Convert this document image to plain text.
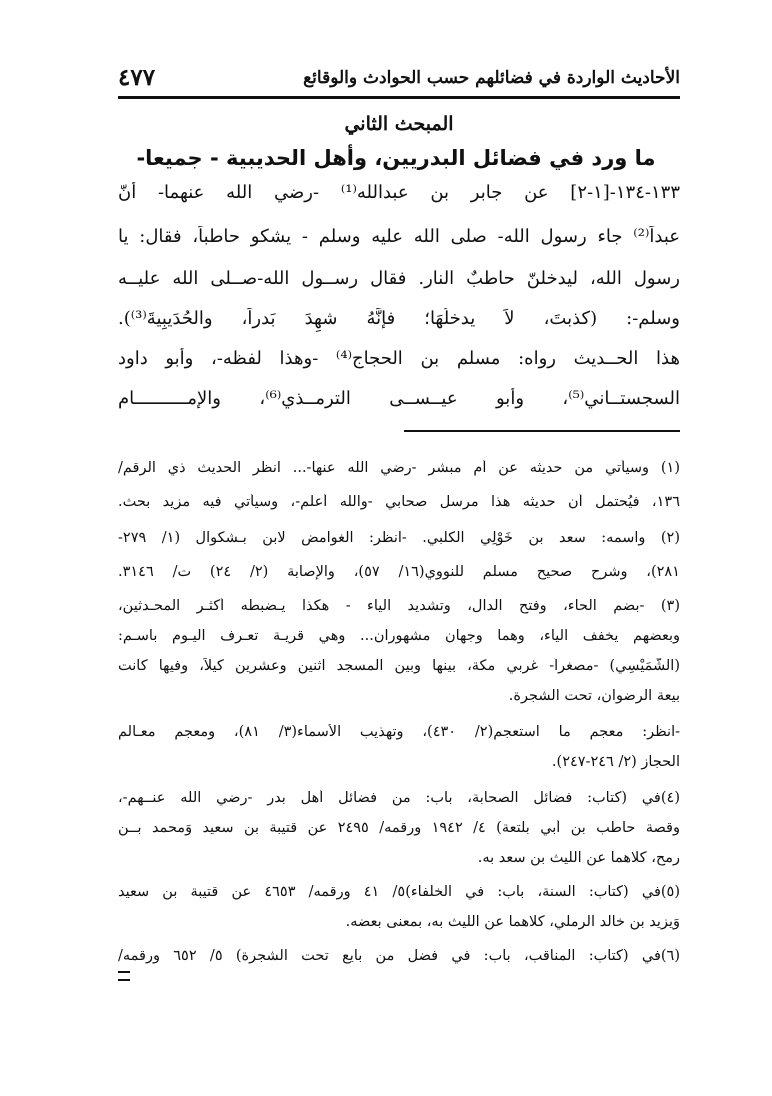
الأحاديث الواردة في فضائلهم حسب الحوادث والوقائع
٤٧٧
المبحث الثاني
ما ورد في فضائل البدريين، وأهل الحديبية - جميعا-
١٣٣-١٣٤-[١-٢] عن جابر بن عبدالله⁽¹⁾ -رضي الله عنهما- أنّ
عبداً⁽²⁾ جاء رسول الله- صلى الله عليه وسلم - يشكو حاطباً، فقال: يا
رسول الله، ليدخلنّ حاطبٌ النار. فقال رســول الله-صــلى الله عليــه
وسلم-: (كذبتَ، لاَ يدخلُهَا؛ فإنَّهُ شهِدَ بَدراً، والحُدَيبِيةَ⁽³⁾).
هذا الحــديث رواه: مسلم بن الحجاج⁽⁴⁾ -وهذا لفظه-، وأبو داود
السجستــاني⁽⁵⁾، وأبو عيــســى الترمــذي⁽⁶⁾، والإمــــــــــام
(١) وسيأتي من حديثه عن أم مبشر -رضي الله عنها-... انظر الحديث ذي الرقم/
١٣٦، فيُحتمل أن حديثه هذا مرسل صحابي -والله أعلم-، وسيأتي فيه مزيد بحث.
(٢) واسمه: سعد بن خَوْلِي الكلبي. -انظر: الغوامض لابن بـشكوال (١/ ٢٧٩-
٢٨١)، وشرح صحيح مسلم للنووي(١٦/ ٥٧)، والإصابة (٢/ ٢٤) ت/ ٣١٤٦.
(٣) -بضم الحاء، وفتح الدال، وتشديد الياء - هكذا يـضبطه أكثـر المحـدثين،
وبعضهم يخفف الياء، وهما وجهان مشهوران... وهي قريـة تعـرف اليـوم باسـم:
(الشُّمَيْسِي) -مصغراً- غربي مكة، بينها وبين المسجد اثنين وعشرين كيلاً، وفيها كانت
بيعة الرضوان، تحت الشجرة.
-انظر: معجم ما استعجم(٢/ ٤٣٠)، وتهذيب الأسماء(٣/ ٨١)، ومعجم معـالم
الحجاز (٢/ ٢٤٦-٢٤٧).
(٤)في (كتاب: فضائل الصحابة، باب: من فضائل أهل بدر -رضي الله عنــهم-،
وقصة حاطب بن أبي بلتعة) ٤/ ١٩٤٢ ورقمه/ ٢٤٩٥ عن قتيبة بن سعيد وَمحمد بــن
رمح، كلاهما عن الليث بن سعد به.
(٥)في (كتاب: السنة، باب: في الخلفاء)٥/ ٤١ ورقمه/ ٤٦٥٣ عن قتيبة بن سعيد
وَيزيد بن خالد الرملي، كلاهما عن الليث به، بمعنى بعضه.
(٦)في (كتاب: المناقب، باب: في فضل من بايع تحت الشجرة) ٥/ ٦٥٢ ورقمه/
